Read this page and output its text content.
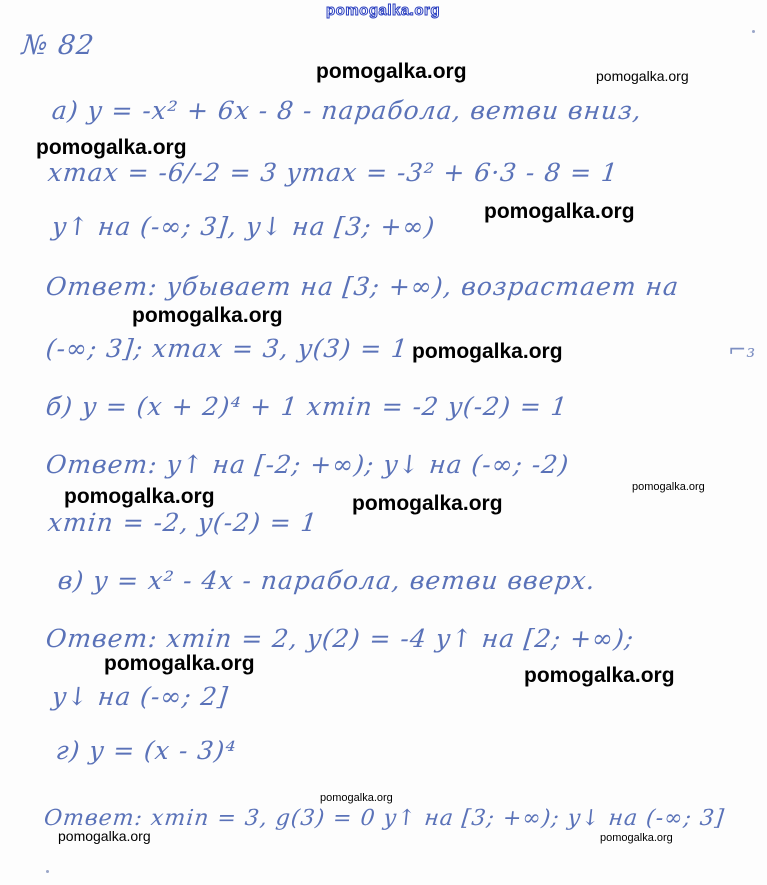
pomogalka.org
№ 82
а) y = -x² + 6x - 8 - парабола, ветви вниз,
xmax = -6/-2 = 3 ymax = -3² + 6·3 - 8 = 1
y↑ на (-∞; 3], y↓ на [3; +∞)
Ответ: убывает на [3; +∞), возрастает на
(-∞; 3]; xmax = 3, y(3) = 1
б) y = (x + 2)⁴ + 1 xmin = -2 y(-2) = 1
Ответ: y↑ на [-2; +∞); y↓ на (-∞; -2)
xmin = -2, y(-2) = 1
в) y = x² - 4x - парабола, ветви вверх.
Ответ: xmin = 2, y(2) = -4 y↑ на [2; +∞);
y↓ на (-∞; 2]
г) y = (x - 3)⁴
Ответ: xmin = 3, g(3) = 0 y↑ на [3; +∞); y↓ на (-∞; 3]
⌐₃
pomogalka.org	pomogalka.org
pomogalka.org
pomogalka.org
pomogalka.org
pomogalka.org
pomogalka.org
pomogalka.org	pomogalka.org
pomogalka.org
pomogalka.org
pomogalka.org
pomogalka.org	pomogalka.org
